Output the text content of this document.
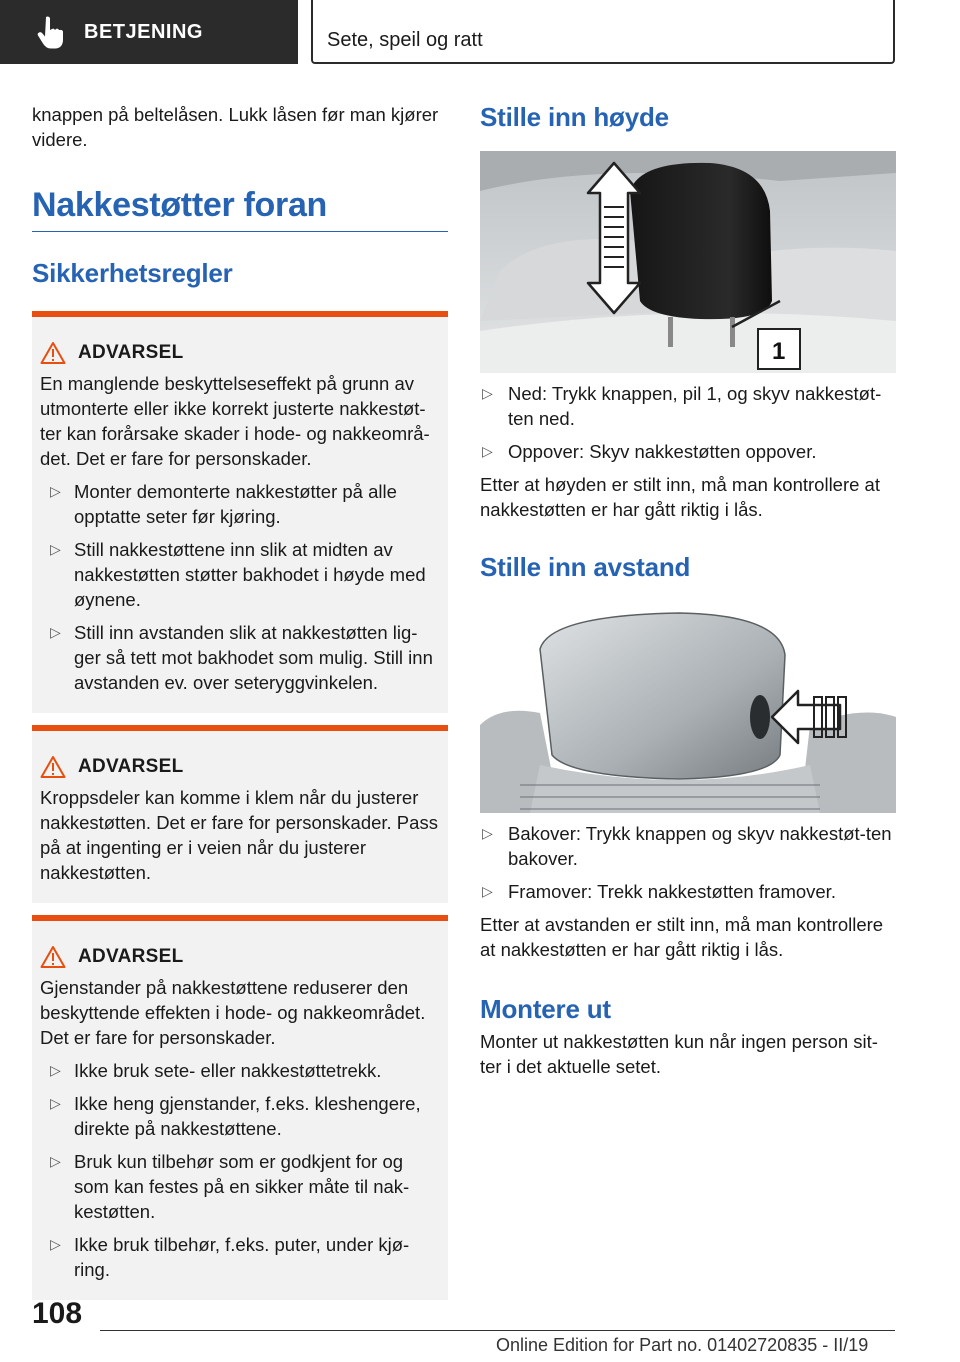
BETJENING	Sete, speil og ratt

knappen på beltelåsen. Lukk låsen før man kjører videre.

Nakkestøtter foran
Sikkerhetsregler
ADVARSEL

En manglende beskyttelseseffekt på grunn av utmonterte eller ikke korrekt justerte nakkestøt-ter kan forårsake skader i hode- og nakkeområ-det. Det er fare for personskader.

▷ Monter demonterte nakkestøtter på alle opptatte seter før kjøring.
▷ Still nakkestøttene inn slik at midten av nakkestøtten støtter bakhodet i høyde med øynene.
▷ Still inn avstanden slik at nakkestøtten lig-ger så tett mot bakhodet som mulig. Still inn avstanden ev. over seteryggvinkelen.
ADVARSEL

Kroppsdeler kan komme i klem når du justerer nakkestøtten. Det er fare for personskader. Pass på at ingenting er i veien når du justerer nakkestøtten.

ADVARSEL

Gjenstander på nakkestøttene reduserer den beskyttende effekten i hode- og nakkeområdet. Det er fare for personskader.

▷ Ikke bruk sete- eller nakkestøttetrekk.
▷ Ikke heng gjenstander, f.eks. kleshengere, direkte på nakkestøttene.
▷ Bruk kun tilbehør som er godkjent for og som kan festes på en sikker måte til nak-kestøtten.
▷ Ikke bruk tilbehør, f.eks. puter, under kjø-ring.
Stille inn høyde
1
▷ Ned: Trykk knappen, pil 1, og skyv nakkestøt-ten ned.
▷ Oppover: Skyv nakkestøtten oppover.

Etter at høyden er stilt inn, må man kontrollere at nakkestøtten er har gått riktig i lås.

Stille inn avstand
▷ Bakover: Trykk knappen og skyv nakkestøt-ten bakover.
▷ Framover: Trekk nakkestøtten framover.

Etter at avstanden er stilt inn, må man kontrollere at nakkestøtten er har gått riktig i lås.

Montere ut

Monter ut nakkestøtten kun når ingen person sit-ter i det aktuelle setet.

108
Online Edition for Part no. 01402720835 - II/19
